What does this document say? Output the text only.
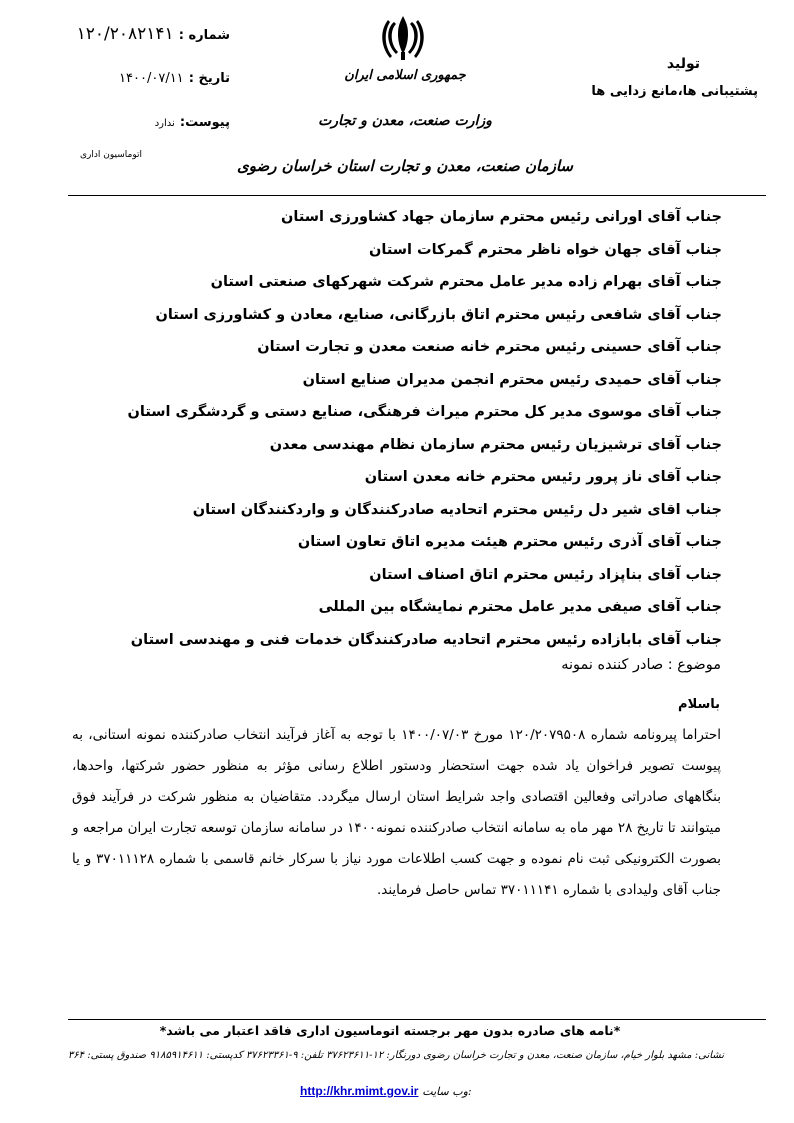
شماره : ۱۲۰/۲۰۸۲۱۴۱
تاریخ : ۱۴۰۰/۰۷/۱۱
پیوست: ندارد
اتوماسیون اداری
جمهوری اسلامی ایران
وزارت صنعت، معدن و تجارت
سازمان صنعت، معدن و تجارت استان خراسان رضوی
تولید
پشتیبانی ها،مانع زدایی ها
جناب آقای اورانی رئیس محترم سازمان جهاد کشاورزی استان
جناب آقای جهان خواه ناظر محترم گمرکات استان
جناب آقای بهرام زاده مدیر عامل محترم شرکت شهرکهای صنعتی استان
جناب آقای شافعی رئیس محترم اتاق بازرگانی، صنایع، معادن و کشاورزی استان
جناب آقای حسینی رئیس محترم خانه صنعت معدن و تجارت استان
جناب آقای حمیدی رئیس محترم انجمن مدیران صنایع استان
جناب آقای موسوی مدیر کل محترم میراث فرهنگی، صنایع دستی و گردشگری استان
جناب آقای ترشیزیان رئیس محترم سازمان نظام مهندسی معدن
جناب آقای ناز پرور رئیس محترم خانه معدن استان
جناب اقای شیر دل رئیس محترم اتحادیه صادرکنندگان و واردکنندگان استان
جناب آقای آذری رئیس محترم هیئت مدیره اتاق تعاون استان
جناب آقای بناپزاد رئیس محترم اتاق اصناف استان
جناب آقای صیفی مدیر عامل محترم نمایشگاه بین المللی
جناب آقای بابازاده رئیس محترم اتحادیه صادرکنندگان خدمات فنی و مهندسی استان
موضوع : صادر کننده نمونه
باسلام
احتراما پیرونامه شماره ۱۲۰/۲۰۷۹۵۰۸ مورخ ۱۴۰۰/۰۷/۰۳ با توجه به آغاز فرآیند انتخاب صادرکننده نمونه استانی، به پیوست تصویر فراخوان یاد شده جهت استحضار ودستور اطلاع رسانی مؤثر به منظور حضور شرکتها، واحدها، بنگاههای صادراتی وفعالین اقتصادی واجد شرایط استان ارسال میگردد. متقاضیان به منظور شرکت در فرآیند فوق میتوانند تا تاریخ ۲۸ مهر ماه به سامانه انتخاب صادرکننده نمونه۱۴۰۰ در سامانه سازمان توسعه تجارت ایران مراجعه و بصورت الکترونیکی ثبت نام نموده و جهت کسب اطلاعات مورد نیاز با سرکار خانم قاسمی با شماره ۳۷۰۱۱۱۲۸ و یا جناب آقای ولیدادی با شماره ۳۷۰۱۱۱۴۱ تماس حاصل فرمایند.
*نامه های صادره بدون مهر برجسته اتوماسیون اداری فاقد اعتبار می باشد*
نشانی: مشهد بلوار خیام، سازمان صنعت، معدن و تجارت خراسان رضوی دورنگار: ۱۲-۳۷۶۲۳۶۱۱ تلفن: ۹-۳۷۶۲۳۳۶۱ کدپستی: ۹۱۸۵۹۱۴۶۱۱ صندوق پستی: ۳۶۴
http://khr.mimt.gov.ir وب سایت:
